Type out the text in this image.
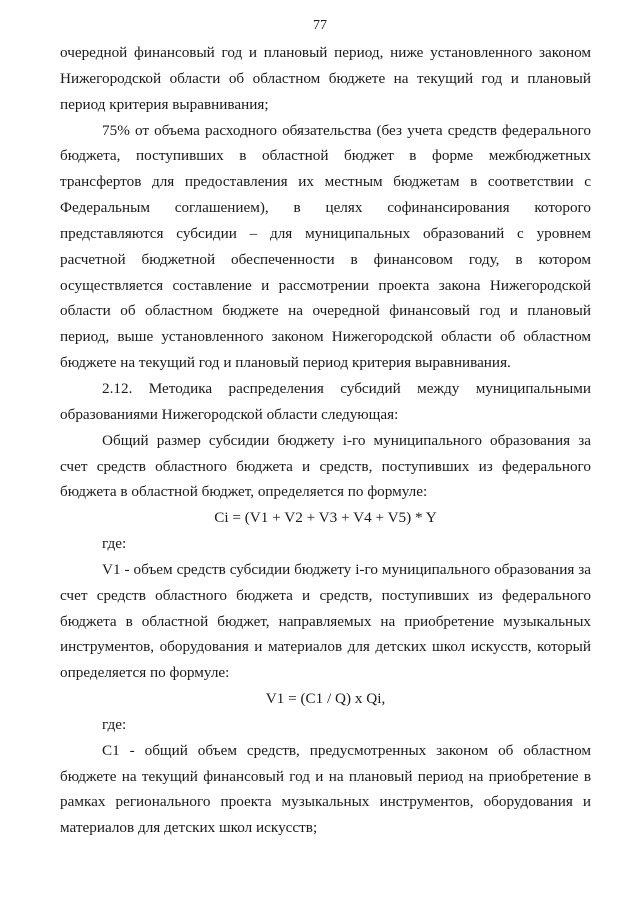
77

очередной финансовый год и плановый период, ниже установленного законом Нижегородской области об областном бюджете на текущий год и плановый период критерия выравнивания;

75% от объема расходного обязательства (без учета средств федерального бюджета, поступивших в областной бюджет в форме межбюджетных трансфертов для предоставления их местным бюджетам в соответствии с Федеральным соглашением), в целях софинансирования которого представляются субсидии – для муниципальных образований с уровнем расчетной бюджетной обеспеченности в финансовом году, в котором осуществляется составление и рассмотрении проекта закона Нижегородской области об областном бюджете на очередной финансовый год и плановый период, выше установленного законом Нижегородской области об областном бюджете на текущий год и плановый период критерия выравнивания.

2.12. Методика распределения субсидий между муниципальными образованиями Нижегородской области следующая:

Общий размер субсидии бюджету i-го муниципального образования за счет средств областного бюджета и средств, поступивших из федерального бюджета в областной бюджет, определяется по формуле:

Ci = (V1 + V2 + V3 + V4 + V5) * Y

где:

V1 - объем средств субсидии бюджету i-го муниципального образования за счет средств областного бюджета и средств, поступивших из федерального бюджета в областной бюджет, направляемых на приобретение музыкальных инструментов, оборудования и материалов для детских школ искусств, который определяется по формуле:

V1 = (C1 / Q) x Qi,

где:

C1 - общий объем средств, предусмотренных законом об областном бюджете на текущий финансовый год и на плановый период на приобретение в рамках регионального проекта музыкальных инструментов, оборудования и материалов для детских школ искусств;
